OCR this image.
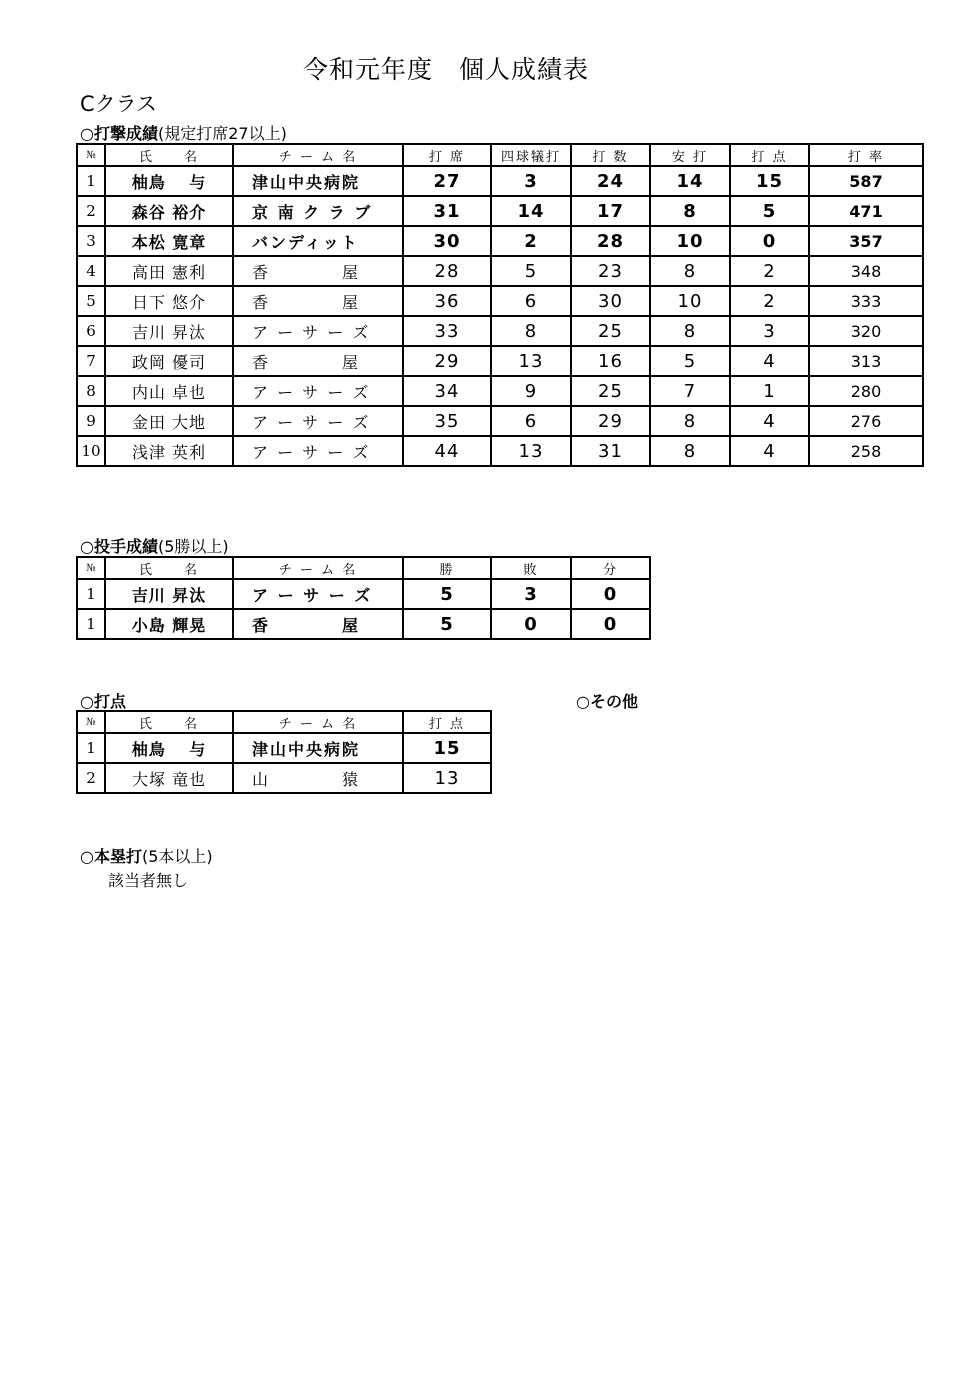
令和元年度　個人成績表
Cクラス
○打撃成績(規定打席27以上)
№	氏　　名	チ ー ム 名	打 席	四球犠打	打 数	安 打	打 点	打 率
1	柚鳥　 与	津山中央病院	27	3	24	14	15	587
2	森谷 裕介	京 南 ク ラ ブ	31	14	17	8	5	471
3	本松 寛章	バンディット	30	2	28	10	0	357
4	高田 憲利	香　　　　屋	28	5	23	8	2	348
5	日下 悠介	香　　　　屋	36	6	30	10	2	333
6	吉川 昇汰	ア ー サ ー ズ	33	8	25	8	3	320
7	政岡 優司	香　　　　屋	29	13	16	5	4	313
8	内山 卓也	ア ー サ ー ズ	34	9	25	7	1	280
9	金田 大地	ア ー サ ー ズ	35	6	29	8	4	276
10	浅津 英利	ア ー サ ー ズ	44	13	31	8	4	258
○投手成績(5勝以上)
№	氏　　名	チ ー ム 名	勝	敗	分
1	吉川 昇汰	ア ー サ ー ズ	5	3	0
1	小島 輝晃	香　　　　屋	5	0	0
○打点	○その他
№	氏　　名	チ ー ム 名	打 点
1	柚鳥　 与	津山中央病院	15
2	大塚 竜也	山　　　　猿	13
○本塁打(5本以上)
該当者無し
